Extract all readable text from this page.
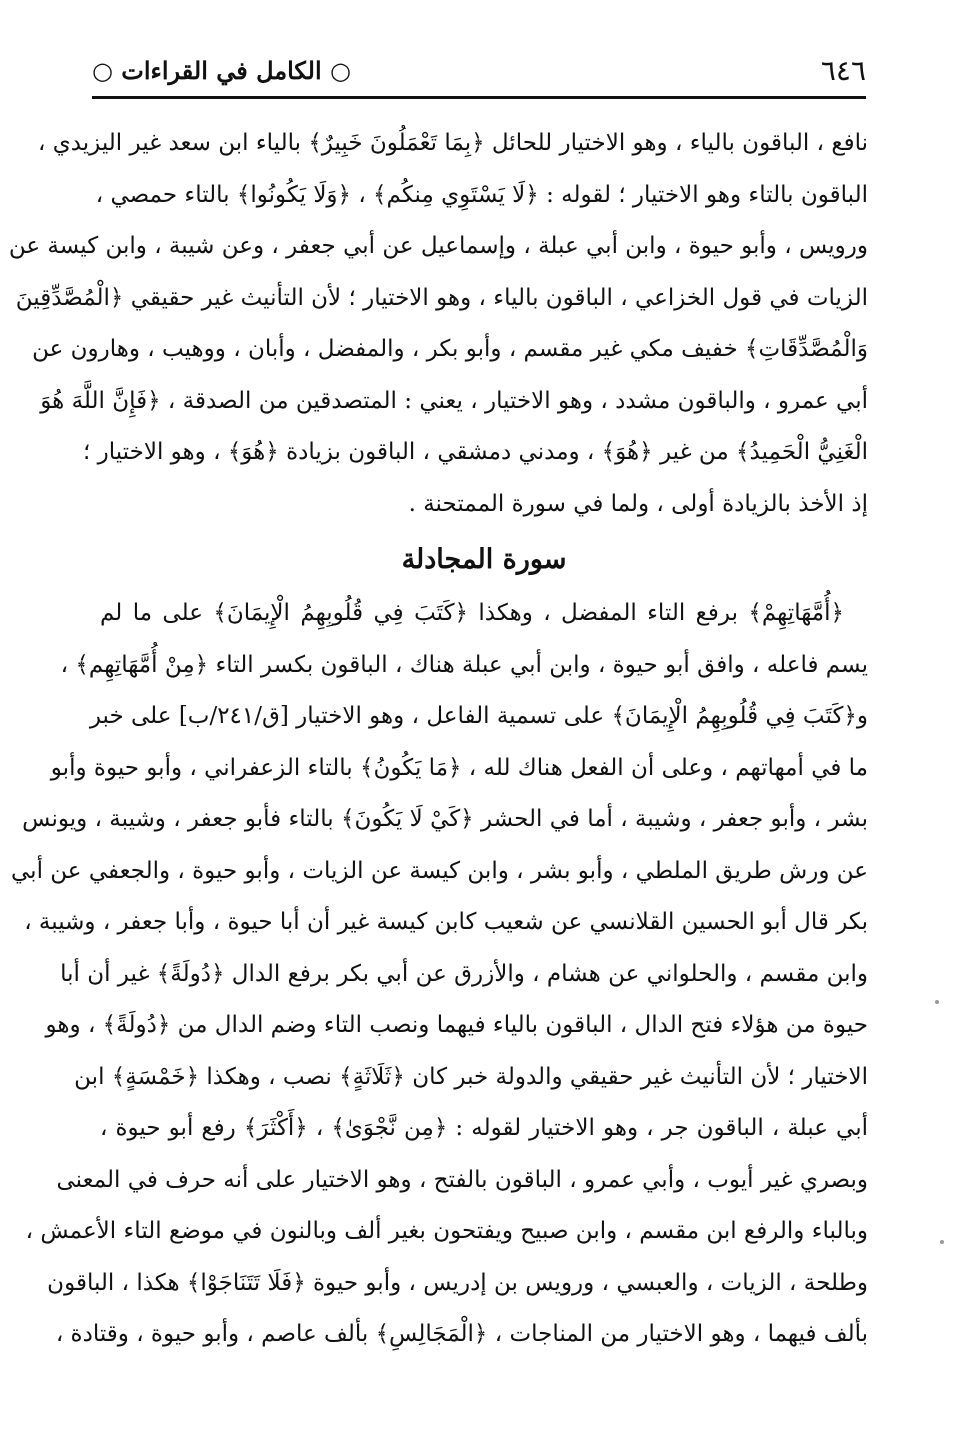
٦٤٦
○ الكامل في القراءات ○
نافع ، الباقون بالياء ، وهو الاختيار للحائل ﴿بِمَا تَعْمَلُونَ خَبِيرٌ﴾ بالياء ابن سعد غير اليزيدي ،
الباقون بالتاء وهو الاختيار ؛ لقوله : ﴿لَا يَسْتَوِي مِنكُم﴾ ، ﴿وَلَا يَكُونُوا﴾ بالتاء حمصي ،
ورويس ، وأبو حيوة ، وابن أبي عبلة ، وإسماعيل عن أبي جعفر ، وعن شيبة ، وابن كيسة عن
الزيات في قول الخزاعي ، الباقون بالياء ، وهو الاختيار ؛ لأن التأنيث غير حقيقي ﴿الْمُصَّدِّقِينَ
وَالْمُصَّدِّقَاتِ﴾ خفيف مكي غير مقسم ، وأبو بكر ، والمفضل ، وأبان ، ووهيب ، وهارون عن
أبي عمرو ، والباقون مشدد ، وهو الاختيار ، يعني : المتصدقين من الصدقة ، ﴿فَإِنَّ اللَّهَ هُوَ
الْغَنِيُّ الْحَمِيدُ﴾ من غير ﴿هُوَ﴾ ، ومدني دمشقي ، الباقون بزيادة ﴿هُوَ﴾ ، وهو الاختيار ؛
إذ الأخذ بالزيادة أولى ، ولما في سورة الممتحنة .
سورة المجادلة
﴿أُمَّهَاتِهِمْ﴾ برفع التاء المفضل ، وهكذا ﴿كَتَبَ فِي قُلُوبِهِمُ الْإِيمَانَ﴾ على ما لم
يسم فاعله ، وافق أبو حيوة ، وابن أبي عبلة هناك ، الباقون بكسر التاء ﴿مِنْ أُمَّهَاتِهِم﴾ ،
و﴿كَتَبَ فِي قُلُوبِهِمُ الْإِيمَانَ﴾ على تسمية الفاعل ، وهو الاختيار [ق/٢٤١/ب] على خبر
ما في أمهاتهم ، وعلى أن الفعل هناك لله ، ﴿مَا يَكُونُ﴾ بالتاء الزعفراني ، وأبو حيوة وأبو
بشر ، وأبو جعفر ، وشيبة ، أما في الحشر ﴿كَيْ لَا يَكُونَ﴾ بالتاء فأبو جعفر ، وشيبة ، ويونس
عن ورش طريق الملطي ، وأبو بشر ، وابن كيسة عن الزيات ، وأبو حيوة ، والجعفي عن أبي
بكر قال أبو الحسين القلانسي عن شعيب كابن كيسة غير أن أبا حيوة ، وأبا جعفر ، وشيبة ،
وابن مقسم ، والحلواني عن هشام ، والأزرق عن أبي بكر برفع الدال ﴿دُولَةً﴾ غير أن أبا
حيوة من هؤلاء فتح الدال ، الباقون بالياء فيهما ونصب التاء وضم الدال من ﴿دُولَةً﴾ ، وهو
الاختيار ؛ لأن التأنيث غير حقيقي والدولة خبر كان ﴿ثَلَاثَةٍ﴾ نصب ، وهكذا ﴿خَمْسَةٍ﴾ ابن
أبي عبلة ، الباقون جر ، وهو الاختيار لقوله : ﴿مِن نَّجْوَىٰ﴾ ، ﴿أَكْثَرَ﴾ رفع أبو حيوة ،
وبصري غير أيوب ، وأبي عمرو ، الباقون بالفتح ، وهو الاختيار على أنه حرف في المعنى
وبالباء والرفع ابن مقسم ، وابن صبيح ويفتحون بغير ألف وبالنون في موضع التاء الأعمش ،
وطلحة ، الزيات ، والعبسي ، ورويس بن إدريس ، وأبو حيوة ﴿فَلَا تَتَنَاجَوْا﴾ هكذا ، الباقون
بألف فيهما ، وهو الاختيار من المناجات ، ﴿الْمَجَالِسِ﴾ بألف عاصم ، وأبو حيوة ، وقتادة ،
